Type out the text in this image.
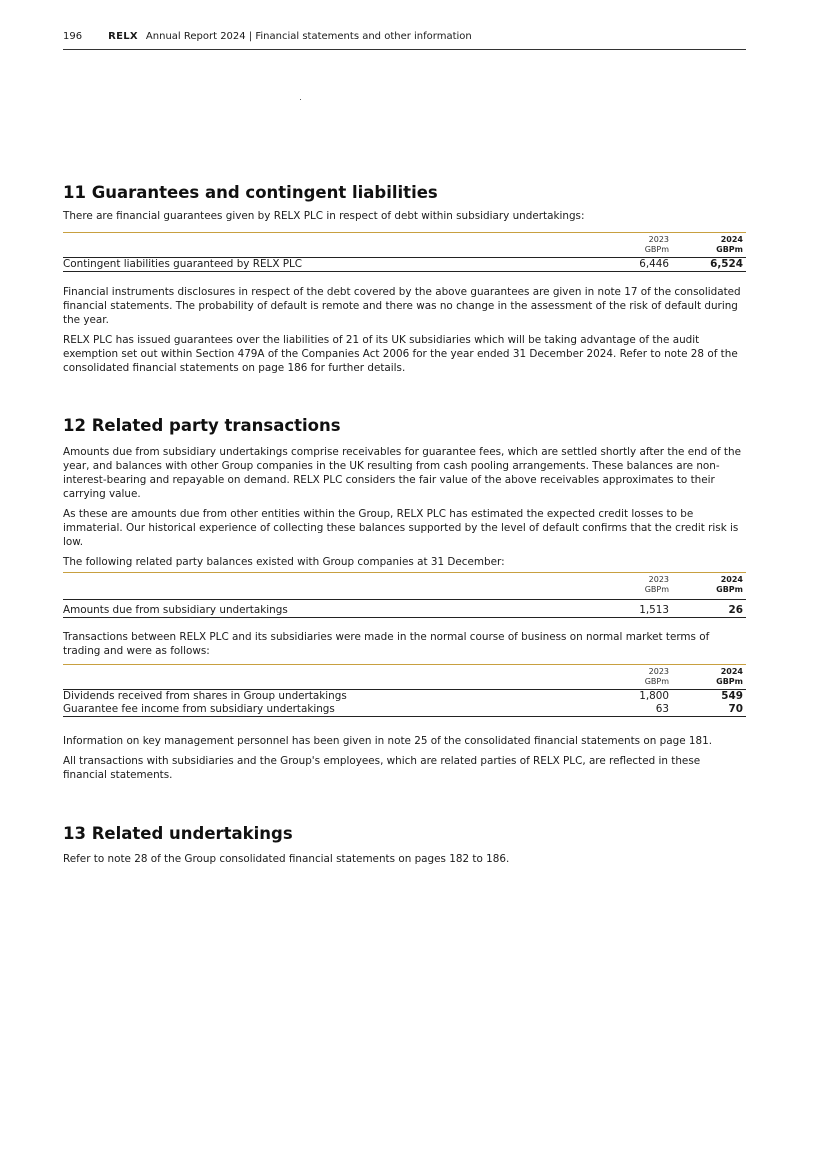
196	RELX Annual Report 2024 | Financial statements and other information
11 Guarantees and contingent liabilities

There are financial guarantees given by RELX PLC in respect of debt within subsidiary undertakings:

2023
GBPm
2024
GBPm
Contingent liabilities guaranteed by RELX PLC	6,446	6,524

Financial instruments disclosures in respect of the debt covered by the above guarantees are given in note 17 of the consolidated financial statements. The probability of default is remote and there was no change in the assessment of the risk of default during the year.

RELX PLC has issued guarantees over the liabilities of 21 of its UK subsidiaries which will be taking advantage of the audit exemption set out within Section 479A of the Companies Act 2006 for the year ended 31 December 2024. Refer to note 28 of the consolidated financial statements on page 186 for further details.

12 Related party transactions

Amounts due from subsidiary undertakings comprise receivables for guarantee fees, which are settled shortly after the end of the year, and balances with other Group companies in the UK resulting from cash pooling arrangements. These balances are non-interest-bearing and repayable on demand. RELX PLC considers the fair value of the above receivables approximates to their carrying value.

As these are amounts due from other entities within the Group, RELX PLC has estimated the expected credit losses to be immaterial. Our historical experience of collecting these balances supported by the level of default confirms that the credit risk is low.

The following related party balances existed with Group companies at 31 December:

2023
GBPm
2024
GBPm
Amounts due from subsidiary undertakings	1,513	26

Transactions between RELX PLC and its subsidiaries were made in the normal course of business on normal market terms of trading and were as follows:

2023
GBPm
2024
GBPm
Dividends received from shares in Group undertakings	1,800	549
Guarantee fee income from subsidiary undertakings	63	70

Information on key management personnel has been given in note 25 of the consolidated financial statements on page 181.

All transactions with subsidiaries and the Group's employees, which are related parties of RELX PLC, are reflected in these financial statements.

13 Related undertakings

Refer to note 28 of the Group consolidated financial statements on pages 182 to 186.
